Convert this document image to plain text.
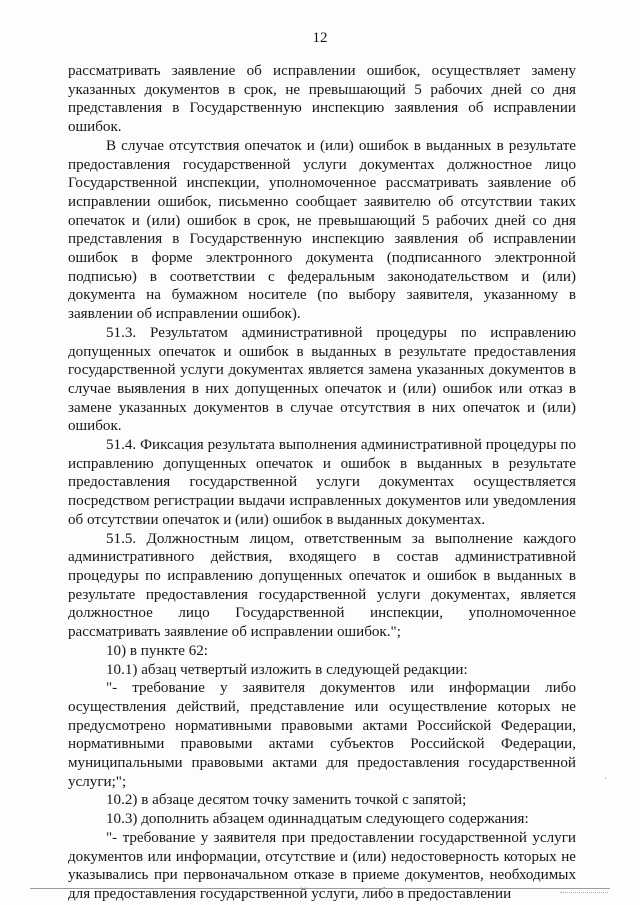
12

рассматривать заявление об исправлении ошибок, осуществляет замену указанных документов в срок, не превышающий 5 рабочих дней со дня представления в Государственную инспекцию заявления об исправлении ошибок.

В случае отсутствия опечаток и (или) ошибок в выданных в результате предоставления государственной услуги документах должностное лицо Государственной инспекции, уполномоченное рассматривать заявление об исправлении ошибок, письменно сообщает заявителю об отсутствии таких опечаток и (или) ошибок в срок, не превышающий 5 рабочих дней со дня представления в Государственную инспекцию заявления об исправлении ошибок в форме электронного документа (подписанного электронной подписью) в соответствии с федеральным законодательством и (или) документа на бумажном носителе (по выбору заявителя, указанному в заявлении об исправлении ошибок).

51.3. Результатом административной процедуры по исправлению допущенных опечаток и ошибок в выданных в результате предоставления государственной услуги документах является замена указанных документов в случае выявления в них допущенных опечаток и (или) ошибок или отказ в замене указанных документов в случае отсутствия в них опечаток и (или) ошибок.

51.4. Фиксация результата выполнения административной процедуры по исправлению допущенных опечаток и ошибок в выданных в результате предоставления государственной услуги документах осуществляется посредством регистрации выдачи исправленных документов или уведомления об отсутствии опечаток и (или) ошибок в выданных документах.

51.5. Должностным лицом, ответственным за выполнение каждого административного действия, входящего в состав административной процедуры по исправлению допущенных опечаток и ошибок в выданных в результате предоставления государственной услуги документах, является должностное лицо Государственной инспекции, уполномоченное рассматривать заявление об исправлении ошибок.";

10) в пункте 62:

10.1) абзац четвертый изложить в следующей редакции:

"- требование у заявителя документов или информации либо осуществления действий, представление или осуществление которых не предусмотрено нормативными правовыми актами Российской Федерации, нормативными правовыми актами субъектов Российской Федерации, муниципальными правовыми актами для предоставления государственной услуги;";

10.2) в абзаце десятом точку заменить точкой с запятой;

10.3) дополнить абзацем одиннадцатым следующего содержания:

"- требование у заявителя при предоставлении государственной услуги документов или информации, отсутствие и (или) недостоверность которых не указывались при первоначальном отказе в приеме документов, необходимых для предоставления государственной услуги, либо в предоставлении

·
